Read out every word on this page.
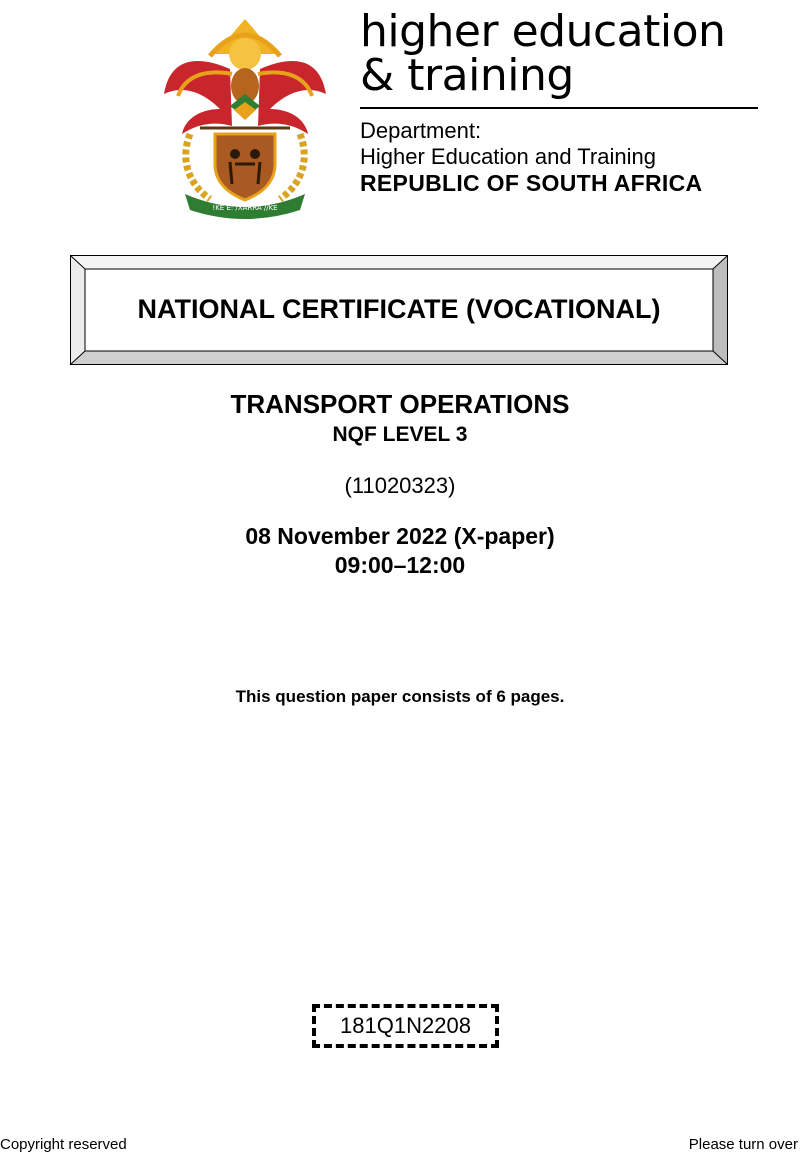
!KE E: /XARRA //KE
higher education
& training
Department:
Higher Education and Training
REPUBLIC OF SOUTH AFRICA
NATIONAL CERTIFICATE (VOCATIONAL)
TRANSPORT OPERATIONS
NQF LEVEL 3
(11020323)
08 November 2022 (X-paper)
09:00–12:00
This question paper consists of 6 pages.
181Q1N2208
Copyright reserved	Please turn over
